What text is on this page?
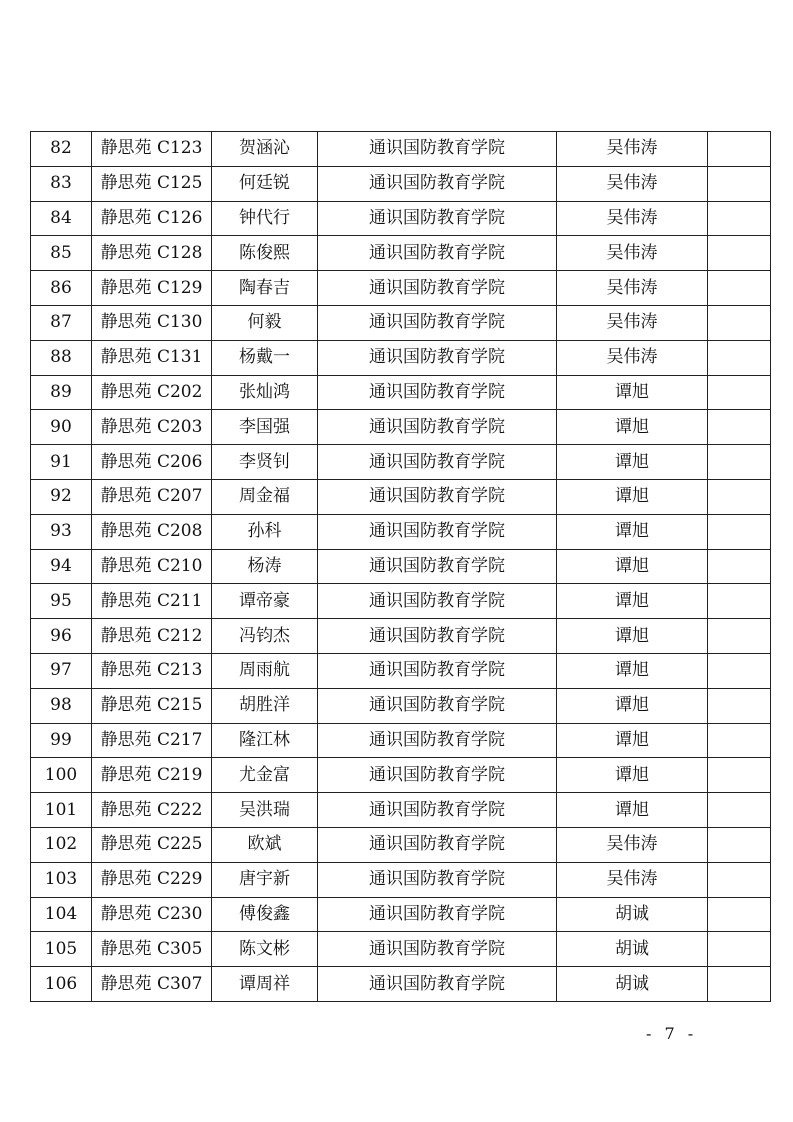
82	静思苑 C123	贺涵沁	通识国防教育学院	吴伟涛	
83	静思苑 C125	何廷锐	通识国防教育学院	吴伟涛	
84	静思苑 C126	钟代行	通识国防教育学院	吴伟涛	
85	静思苑 C128	陈俊熙	通识国防教育学院	吴伟涛	
86	静思苑 C129	陶春吉	通识国防教育学院	吴伟涛	
87	静思苑 C130	何毅	通识国防教育学院	吴伟涛	
88	静思苑 C131	杨戴一	通识国防教育学院	吴伟涛	
89	静思苑 C202	张灿鸿	通识国防教育学院	谭旭	
90	静思苑 C203	李国强	通识国防教育学院	谭旭	
91	静思苑 C206	李贤钊	通识国防教育学院	谭旭	
92	静思苑 C207	周金福	通识国防教育学院	谭旭	
93	静思苑 C208	孙科	通识国防教育学院	谭旭	
94	静思苑 C210	杨涛	通识国防教育学院	谭旭	
95	静思苑 C211	谭帝豪	通识国防教育学院	谭旭	
96	静思苑 C212	冯钧杰	通识国防教育学院	谭旭	
97	静思苑 C213	周雨航	通识国防教育学院	谭旭	
98	静思苑 C215	胡胜洋	通识国防教育学院	谭旭	
99	静思苑 C217	隆江林	通识国防教育学院	谭旭	
100	静思苑 C219	尤金富	通识国防教育学院	谭旭	
101	静思苑 C222	吴洪瑞	通识国防教育学院	谭旭	
102	静思苑 C225	欧斌	通识国防教育学院	吴伟涛	
103	静思苑 C229	唐宇新	通识国防教育学院	吴伟涛	
104	静思苑 C230	傅俊鑫	通识国防教育学院	胡诚	
105	静思苑 C305	陈文彬	通识国防教育学院	胡诚	
106	静思苑 C307	谭周祥	通识国防教育学院	胡诚	
- 7 -
